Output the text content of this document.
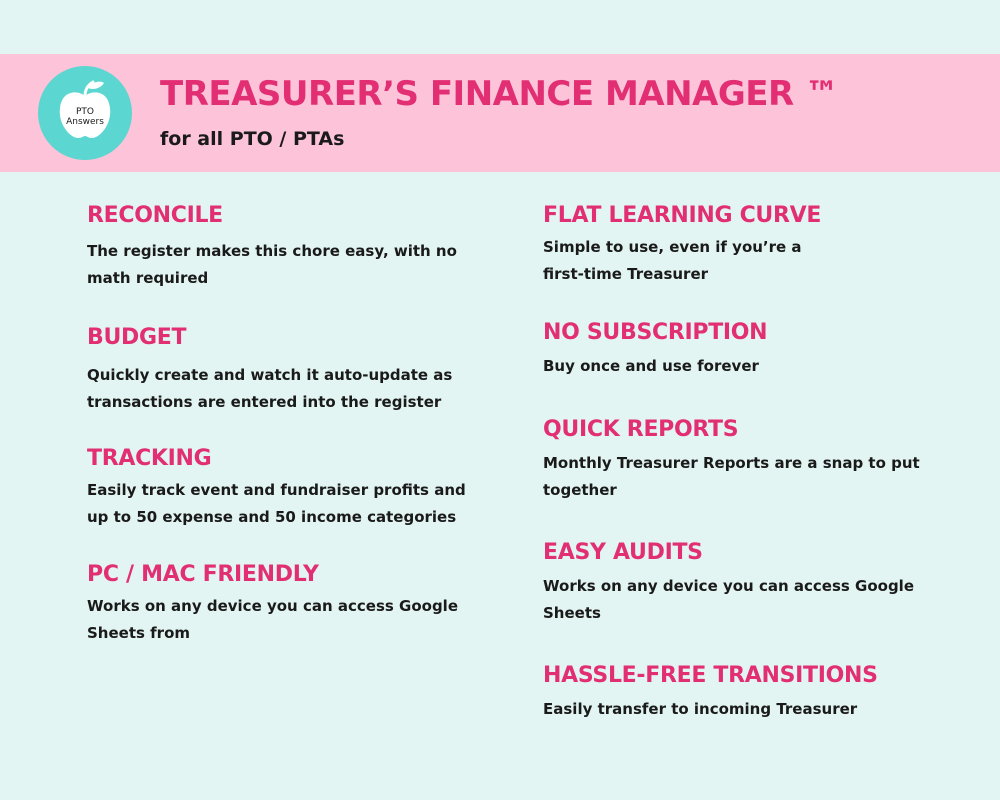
PTO
Answers
TREASURER’S FINANCE MANAGER ™
for all PTO / PTAs
RECONCILE

The register makes this chore easy, with no
math required

BUDGET

Quickly create and watch it auto-update as
transactions are entered into the register

TRACKING

Easily track event and fundraiser profits and
up to 50 expense and 50 income categories

PC / MAC FRIENDLY

Works on any device you can access Google
Sheets from

FLAT LEARNING CURVE

Simple to use, even if you’re a
first-time Treasurer

NO SUBSCRIPTION

Buy once and use forever

QUICK REPORTS

Monthly Treasurer Reports are a snap to put
together

EASY AUDITS

Works on any device you can access Google
Sheets

HASSLE-FREE TRANSITIONS

Easily transfer to incoming Treasurer
